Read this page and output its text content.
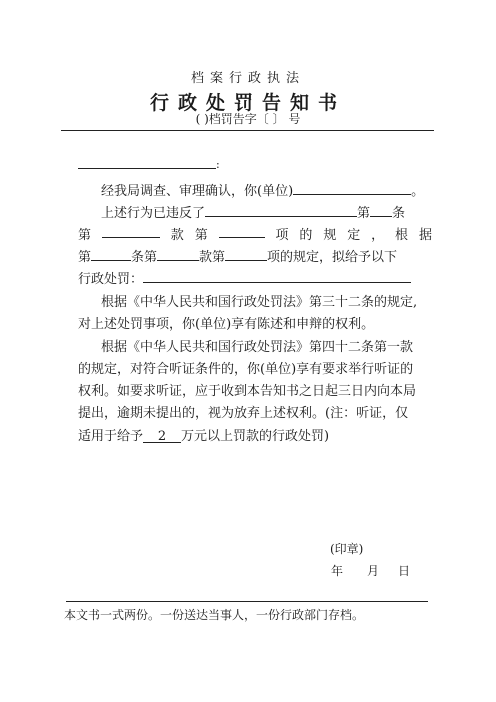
档案行政执法
行政处罚告知书
( )档罚告字〔 〕 号
:
经我局调查、审理确认，你(单位)	。
上述行为已违反了	第 条
第	款 第	项 的 规 定 ， 根 据
第	条第	款第	项的规定，拟给予以下
行政处罚：
根据《中华人民共和国行政处罚法》第三十二条的规定,
对上述处罚事项，你(单位)享有陈述和申辩的权利。
根据《中华人民共和国行政处罚法》第四十二条第一款
的规定，对符合听证条件的，你(单位)享有要求举行听证的
权利。如要求听证，应于收到本告知书之日起三日内向本局
提出，逾期未提出的，视为放弃上述权利。(注：听证，仅
适用于给予 2 万元以上罚款的行政处罚)
(印章)
年 月 日
本文书一式两份。一份送达当事人，一份行政部门存档。
